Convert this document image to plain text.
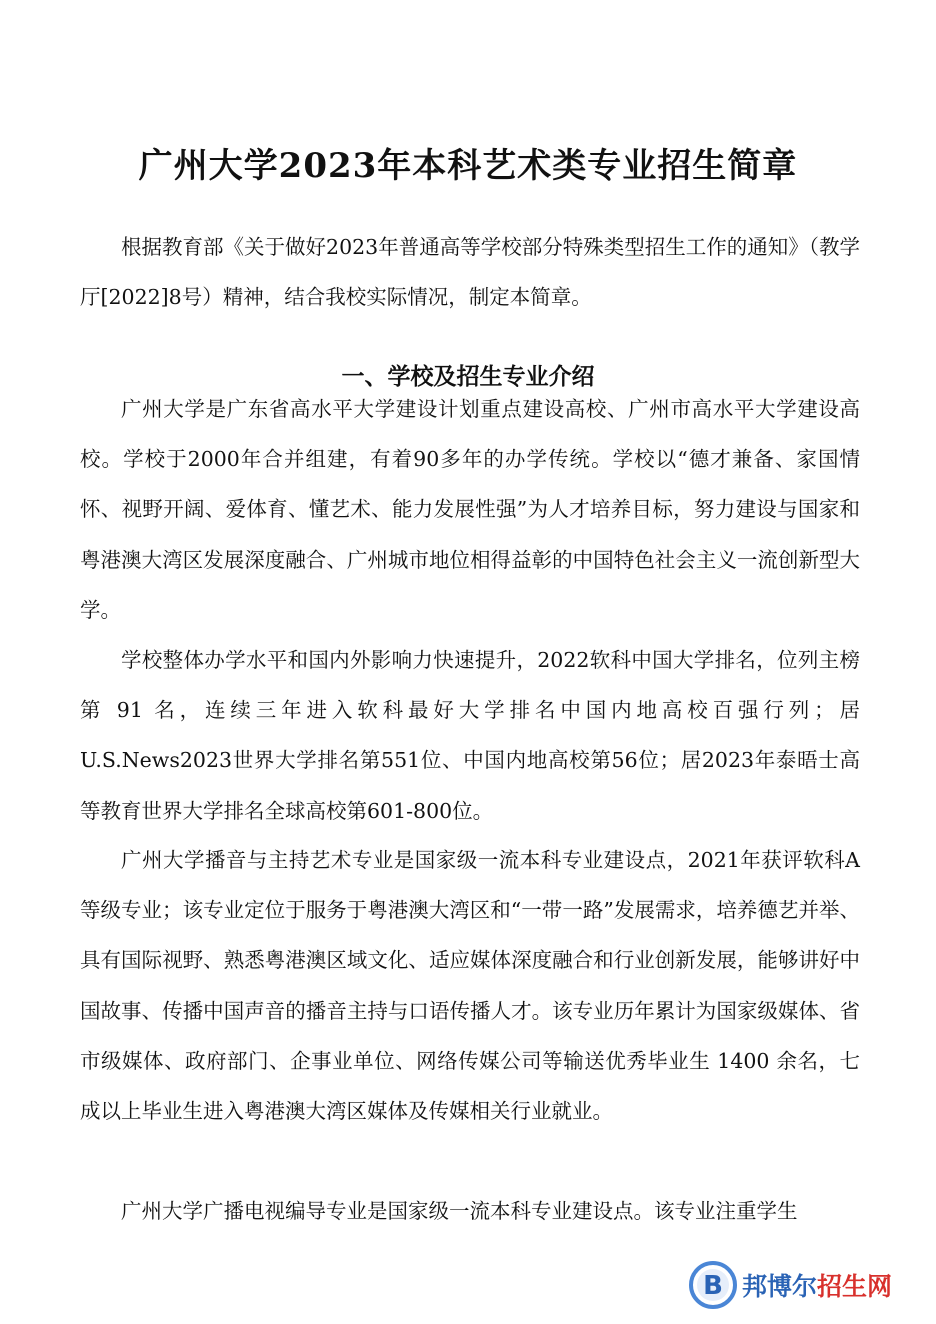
广州大学2023年本科艺术类专业招生简章

根据教育部《关于做好2023年普通高等学校部分特殊类型招生工作的通知》（教学厅[2022]8号）精神，结合我校实际情况，制定本简章。

一、学校及招生专业介绍

广州大学是广东省高水平大学建设计划重点建设高校、广州市高水平大学建设高校。学校于2000年合并组建，有着90多年的办学传统。学校以“德才兼备、家国情怀、视野开阔、爱体育、懂艺术、能力发展性强”为人才培养目标，努力建设与国家和粤港澳大湾区发展深度融合、广州城市地位相得益彰的中国特色社会主义一流创新型大学。

学校整体办学水平和国内外影响力快速提升，2022软科中国大学排名，位列主榜第 91 名，连续三年进入软科最好大学排名中国内地高校百强行列；居U.S.News2023世界大学排名第551位、中国内地高校第56位；居2023年泰晤士高等教育世界大学排名全球高校第601-800位。

广州大学播音与主持艺术专业是国家级一流本科专业建设点，2021年获评软科A等级专业；该专业定位于服务于粤港澳大湾区和“一带一路”发展需求，培养德艺并举、具有国际视野、熟悉粤港澳区域文化、适应媒体深度融合和行业创新发展，能够讲好中国故事、传播中国声音的播音主持与口语传播人才。该专业历年累计为国家级媒体、省市级媒体、政府部门、企事业单位、网络传媒公司等输送优秀毕业生 1400 余名，七成以上毕业生进入粤港澳大湾区媒体及传媒相关行业就业。

广州大学广播电视编导专业是国家级一流本科专业建设点。该专业注重学生

B 邦博尔招生网
